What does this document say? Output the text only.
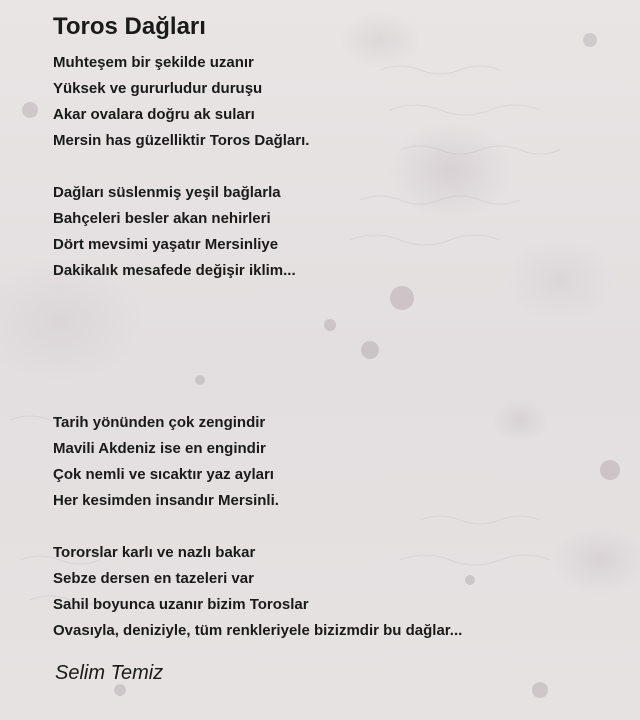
Toros Dağları
Muhteşem bir şekilde uzanır
Yüksek ve gururludur duruşu
Akar ovalara doğru ak suları
Mersin has güzelliktir Toros Dağları.
Dağları süslenmiş yeşil bağlarla
Bahçeleri besler akan nehirleri
Dört mevsimi yaşatır Mersinliye
Dakikalık mesafede değişir iklim...
Tarih yönünden çok zengindir
Mavili Akdeniz ise en engindir
Çok nemli ve sıcaktır yaz ayları
Her kesimden insandır Mersinli.
Tororslar karlı ve nazlı bakar
Sebze dersen en tazeleri var
Sahil boyunca uzanır bizim Toroslar
Ovasıyla, deniziyle, tüm renkleriyele bizizmdir bu dağlar...
Selim Temiz
